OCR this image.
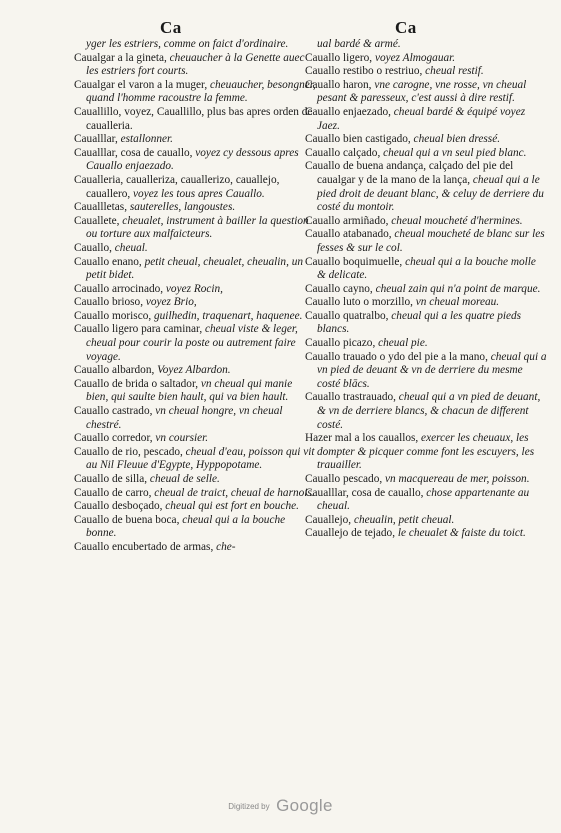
Ca	Ca

yger les estriers, comme on faict d'ordinaire.

Caualgar a la gineta, cheuaucher à la Genette auec les estriers fort courts.

Caualgar el varon a la muger, cheuaucher, besongner, quand l'homme racoustre la femme.

Cauallillo, voyez, Cauallillo, plus bas apres orden de caualleria.

Caualllar, estallonner.

Caualllar, cosa de cauallo, voyez cy dessous apres Cauallo enjaezado.

Caualleria, caualleriza, cauallerizo, cauallejo, cauallero, voyez les tous apres Cauallo.

Cauallletas, sauterelles, langoustes.

Cauallete, cheualet, instrument à bailler la question ou torture aux malfaicteurs.

Cauallo, cheual.

Cauallo enano, petit cheual, cheualet, cheualin, un petit bidet.

Cauallo arrocinado, voyez Rocin,

Cauallo brioso, voyez Brio,

Cauallo morisco, guilhedin, traquenart, haquenee.

Cauallo ligero para caminar, cheual viste & leger, cheual pour courir la poste ou autrement faire voyage.

Cauallo albardon, Voyez Albardon.

Cauallo de brida o saltador, vn cheual qui manie bien, qui saulte bien hault, qui va bien hault.

Cauallo castrado, vn cheual hongre, vn cheual chestré.

Cauallo corredor, vn coursier.

Cauallo de rio, pescado, cheual d'eau, poisson qui vit au Nil Fleuue d'Egypte, Hyppopotame.

Cauallo de silla, cheual de selle.

Cauallo de carro, cheual de traict, cheual de harnois.

Cauallo desboçado, cheual qui est fort en bouche.

Cauallo de buena boca, cheual qui a la bouche bonne.

Cauallo encubertado de armas, che-

ual bardé & armé.

Cauallo ligero, voyez Almogauar.

Cauallo restibo o restriuo, cheual restif.

Cauallo haron, vne carogne, vne rosse, vn cheual pesant & paresseux, c'est aussi à dire restif.

Cauallo enjaezado, cheual bardé & équipé voyez Jaez.

Cauallo bien castigado, cheual bien dressé.

Cauallo calçado, cheual qui a vn seul pied blanc.

Cauallo de buena andança, calçado del pie del caualgar y de la mano de la lança, cheual qui a le pied droit de deuant blanc, & celuy de derriere du costé du montoir.

Cauallo armiñado, cheual moucheté d'hermines.

Cauallo atabanado, cheual moucheté de blanc sur les fesses & sur le col.

Cauallo boquimuelle, cheual qui a la bouche molle & delicate.

Cauallo cayno, cheual zain qui n'a point de marque.

Cauallo luto o morzillo, vn cheual moreau.

Cauallo quatralbo, cheual qui a les quatre pieds blancs.

Cauallo picazo, cheual pie.

Cauallo trauado o ydo del pie a la mano, cheual qui a vn pied de deuant & vn de derriere du mesme costé blācs.

Cauallo trastrauado, cheual qui a vn pied de deuant, & vn de derriere blancs, & chacun de different costé.

Hazer mal a los cauallos, exercer les cheuaux, les dompter & picquer comme font les escuyers, les trauailler.

Cauallo pescado, vn macquereau de mer, poisson.

Caualllar, cosa de cauallo, chose appartenante au cheual.

Cauallejo, cheualin, petit cheual.

Cauallejo de tejado, le cheualet & faiste du toict.

Digitized by Google
